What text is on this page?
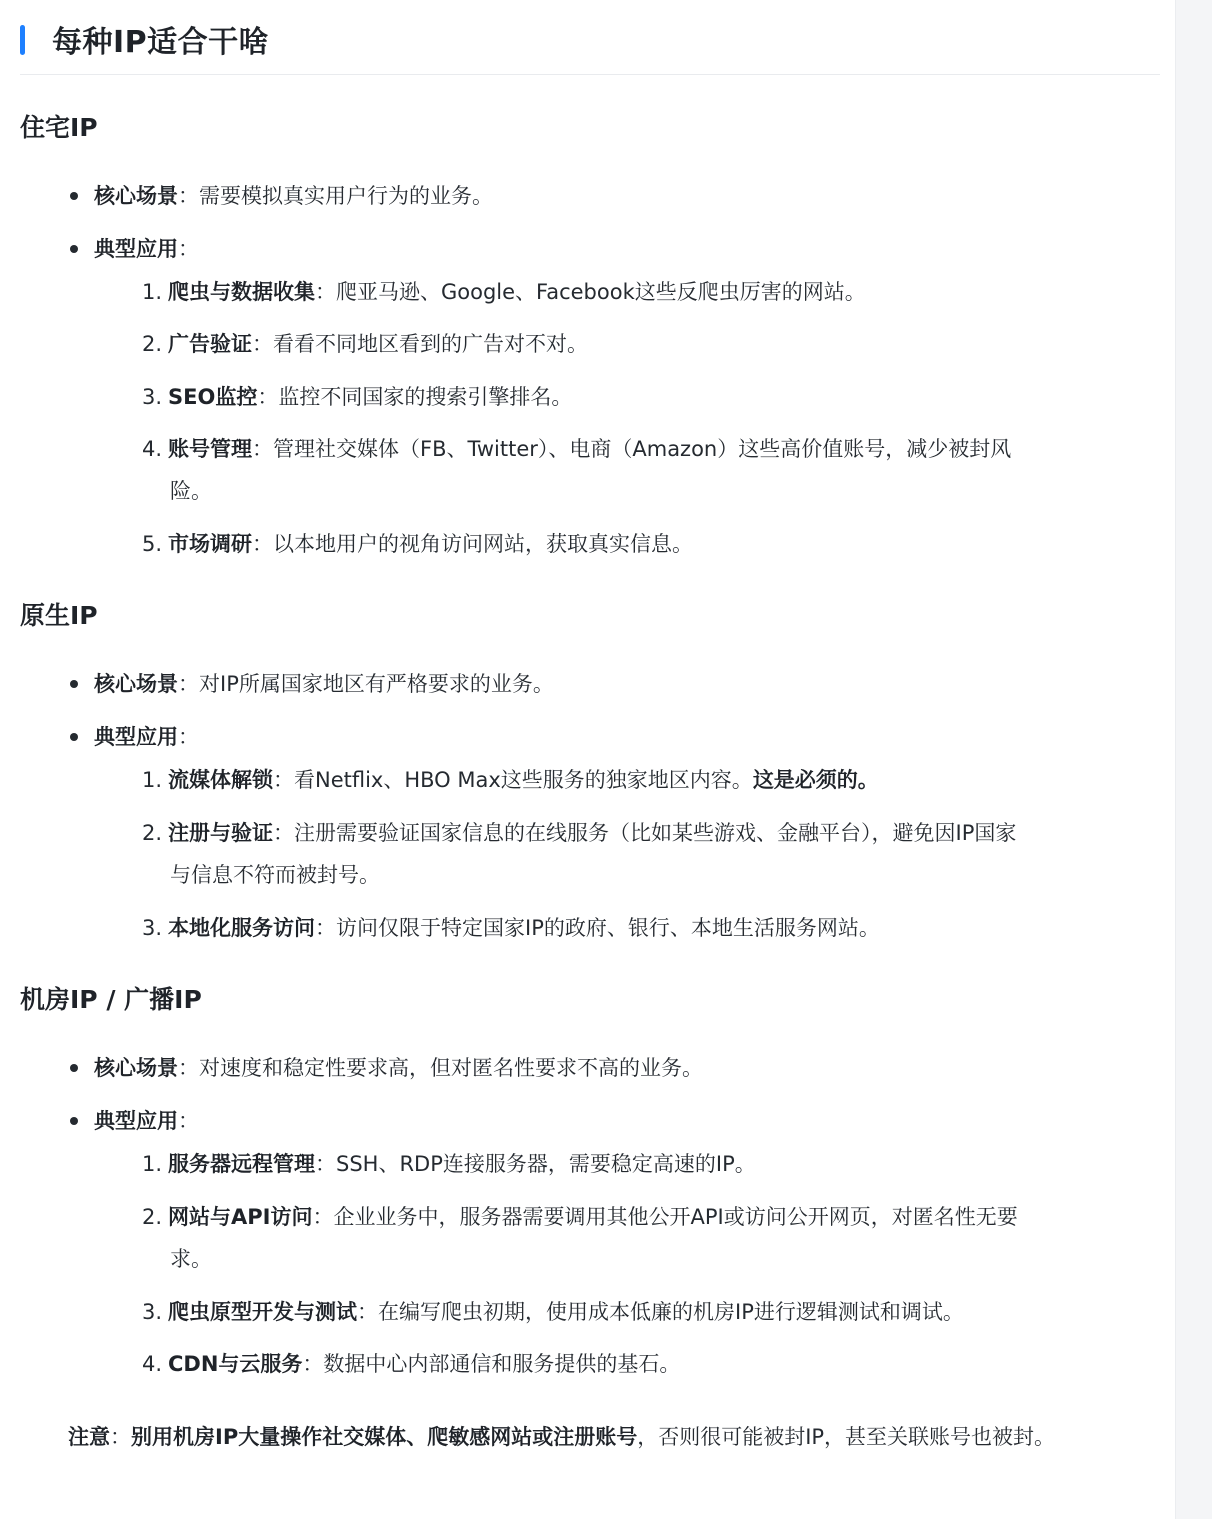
每种IP适合干啥
住宅IP
核心场景：需要模拟真实用户行为的业务。
典型应用：
1. 爬虫与数据收集：爬亚马逊、Google、Facebook这些反爬虫厉害的网站。
2. 广告验证：看看不同地区看到的广告对不对。
3. SEO监控：监控不同国家的搜索引擎排名。
4. 账号管理：管理社交媒体（FB、Twitter）、电商（Amazon）这些高价值账号，减少被封风
险。
5. 市场调研：以本地用户的视角访问网站，获取真实信息。
原生IP
核心场景：对IP所属国家地区有严格要求的业务。
典型应用：
1. 流媒体解锁：看Netflix、HBO Max这些服务的独家地区内容。这是必须的。
2. 注册与验证：注册需要验证国家信息的在线服务（比如某些游戏、金融平台），避免因IP国家
与信息不符而被封号。
3. 本地化服务访问：访问仅限于特定国家IP的政府、银行、本地生活服务网站。
机房IP / 广播IP
核心场景：对速度和稳定性要求高，但对匿名性要求不高的业务。
典型应用：
1. 服务器远程管理：SSH、RDP连接服务器，需要稳定高速的IP。
2. 网站与API访问：企业业务中，服务器需要调用其他公开API或访问公开网页，对匿名性无要
求。
3. 爬虫原型开发与测试：在编写爬虫初期，使用成本低廉的机房IP进行逻辑测试和调试。
4. CDN与云服务：数据中心内部通信和服务提供的基石。
注意：别用机房IP大量操作社交媒体、爬敏感网站或注册账号，否则很可能被封IP，甚至关联账号也被封。
